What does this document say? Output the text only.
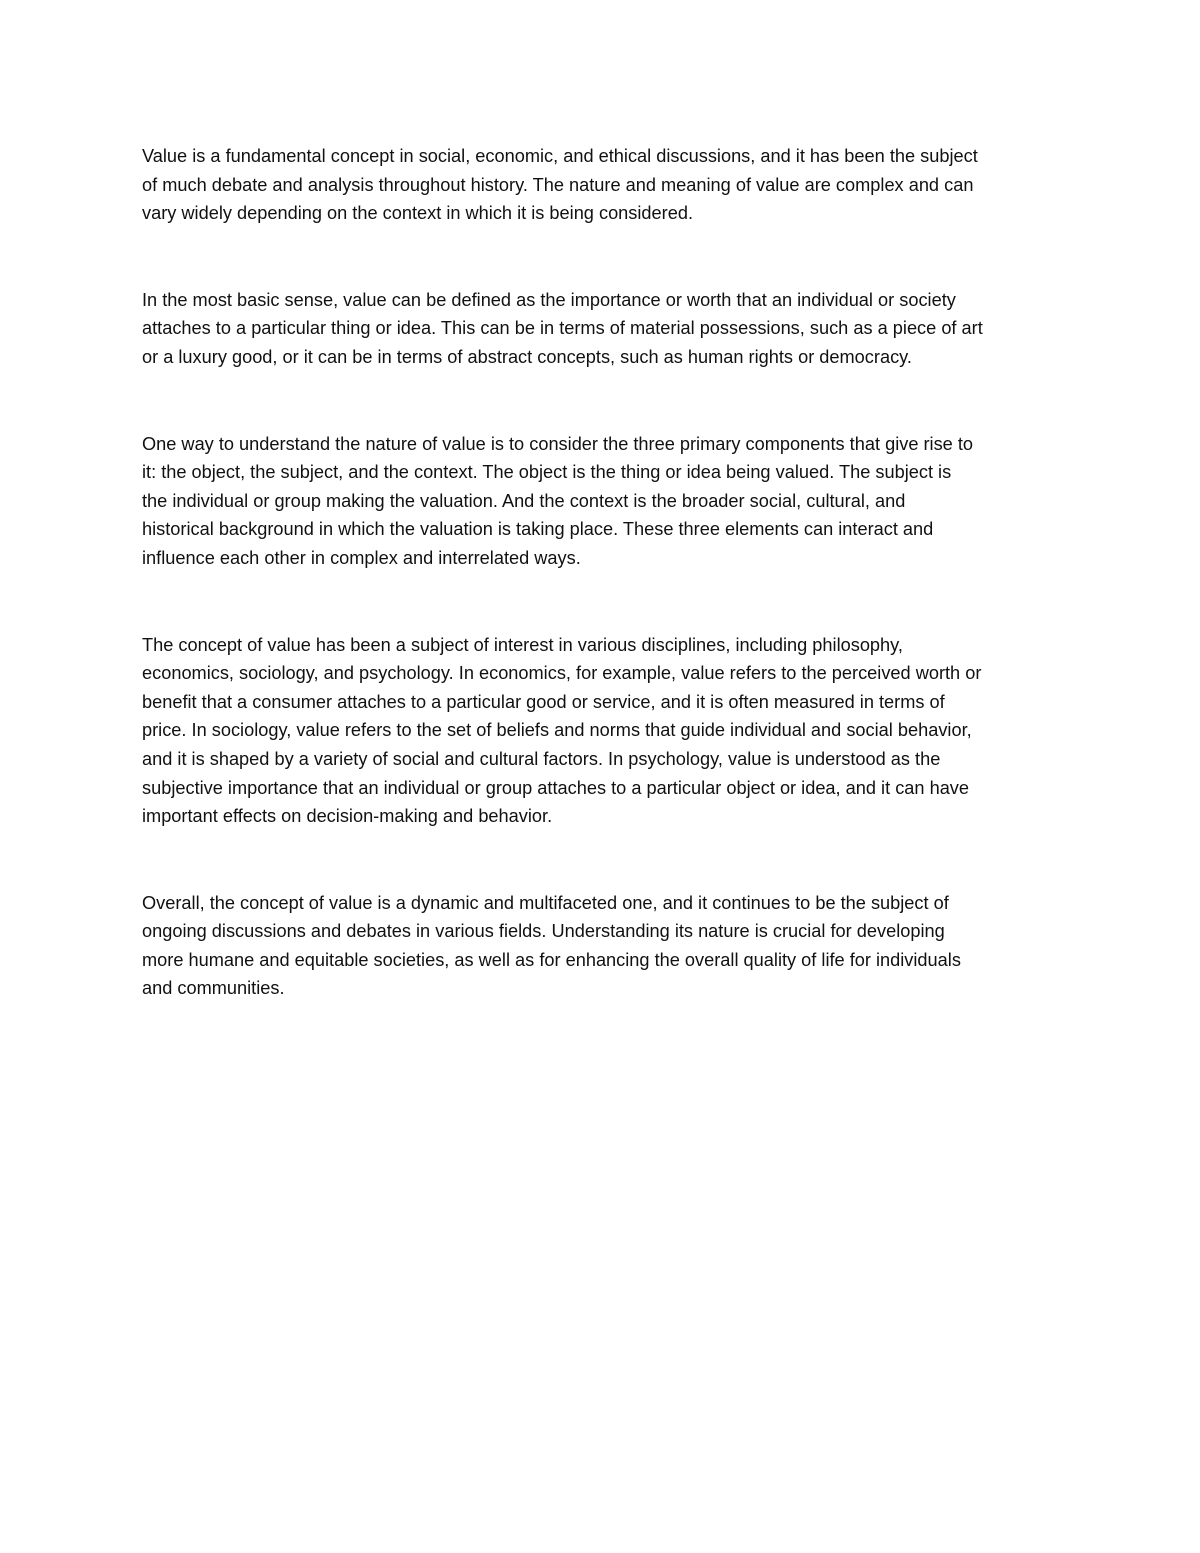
Value is a fundamental concept in social, economic, and ethical discussions, and it has been the subject
of much debate and analysis throughout history. The nature and meaning of value are complex and can
vary widely depending on the context in which it is being considered.

In the most basic sense, value can be defined as the importance or worth that an individual or society
attaches to a particular thing or idea. This can be in terms of material possessions, such as a piece of art
or a luxury good, or it can be in terms of abstract concepts, such as human rights or democracy.

One way to understand the nature of value is to consider the three primary components that give rise to
it: the object, the subject, and the context. The object is the thing or idea being valued. The subject is
the individual or group making the valuation. And the context is the broader social, cultural, and
historical background in which the valuation is taking place. These three elements can interact and
influence each other in complex and interrelated ways.

The concept of value has been a subject of interest in various disciplines, including philosophy,
economics, sociology, and psychology. In economics, for example, value refers to the perceived worth or
benefit that a consumer attaches to a particular good or service, and it is often measured in terms of
price. In sociology, value refers to the set of beliefs and norms that guide individual and social behavior,
and it is shaped by a variety of social and cultural factors. In psychology, value is understood as the
subjective importance that an individual or group attaches to a particular object or idea, and it can have
important effects on decision-making and behavior.

Overall, the concept of value is a dynamic and multifaceted one, and it continues to be the subject of
ongoing discussions and debates in various fields. Understanding its nature is crucial for developing
more humane and equitable societies, as well as for enhancing the overall quality of life for individuals
and communities.
